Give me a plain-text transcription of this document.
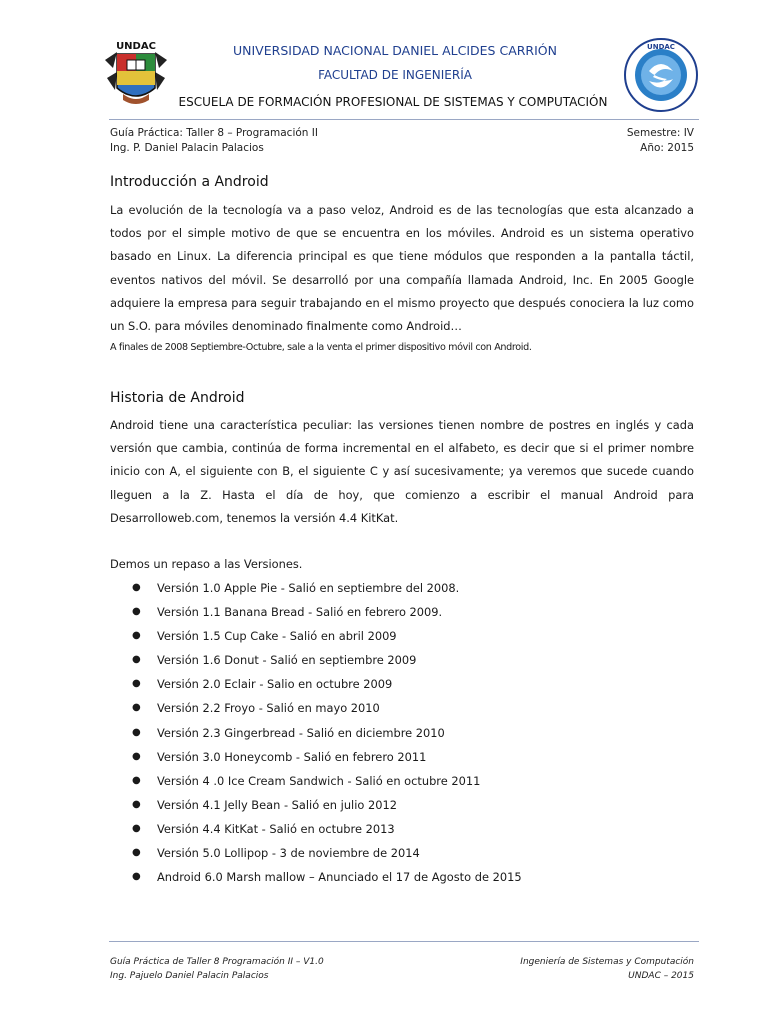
UNDAC	UNDAC
UNIVERSIDAD NACIONAL DANIEL ALCIDES CARRIÓN
FACULTAD DE INGENIERÍA
ESCUELA DE FORMACIÓN PROFESIONAL DE SISTEMAS Y COMPUTACIÓN
Guía Práctica: Taller 8 – Programación II
Ing. P. Daniel Palacin Palacios
Semestre: IV
Año: 2015
Introducción a Android
La evolución de la tecnología va a paso veloz, Android es de las tecnologías que esta alcanzado a todos por el simple motivo de que se encuentra en los móviles. Android es un sistema operativo basado en Linux. La diferencia principal es que tiene módulos que responden a la pantalla táctil, eventos nativos del móvil. Se desarrolló por una compañía llamada Android, Inc. En 2005 Google adquiere la empresa para seguir trabajando en el mismo proyecto que después conociera la luz como un S.O. para móviles denominado finalmente como Android…
A finales de 2008 Septiembre-Octubre, sale a la venta el primer dispositivo móvil con Android.
Historia de Android
Android tiene una característica peculiar: las versiones tienen nombre de postres en inglés y cada versión que cambia, continúa de forma incremental en el alfabeto, es decir que si el primer nombre inicio con A, el siguiente con B, el siguiente C y así sucesivamente; ya veremos que sucede cuando lleguen a la Z. Hasta el día de hoy, que comienzo a escribir el manual Android para Desarrolloweb.com, tenemos la versión 4.4 KitKat.
Demos un repaso a las Versiones.
● Versión 1.0 Apple Pie - Salió en septiembre del 2008.
● Versión 1.1 Banana Bread - Salió en febrero 2009.
● Versión 1.5 Cup Cake - Salió en abril 2009
● Versión 1.6 Donut - Salió en septiembre 2009
● Versión 2.0 Eclair - Salio en octubre 2009
● Versión 2.2 Froyo - Salió en mayo 2010
● Versión 2.3 Gingerbread - Salió en diciembre 2010
● Versión 3.0 Honeycomb - Salió en febrero 2011
● Versión 4 .0 Ice Cream Sandwich - Salió en octubre 2011
● Versión 4.1 Jelly Bean - Salió en julio 2012
● Versión 4.4 KitKat - Salió en octubre 2013
● Versión 5.0 Lollipop - 3 de noviembre de 2014
● Android 6.0 Marsh mallow – Anunciado el 17 de Agosto de 2015
Guía Práctica de Taller 8 Programación II – V1.0
Ing. Pajuelo Daniel Palacin Palacios
Ingeniería de Sistemas y Computación
UNDAC – 2015
